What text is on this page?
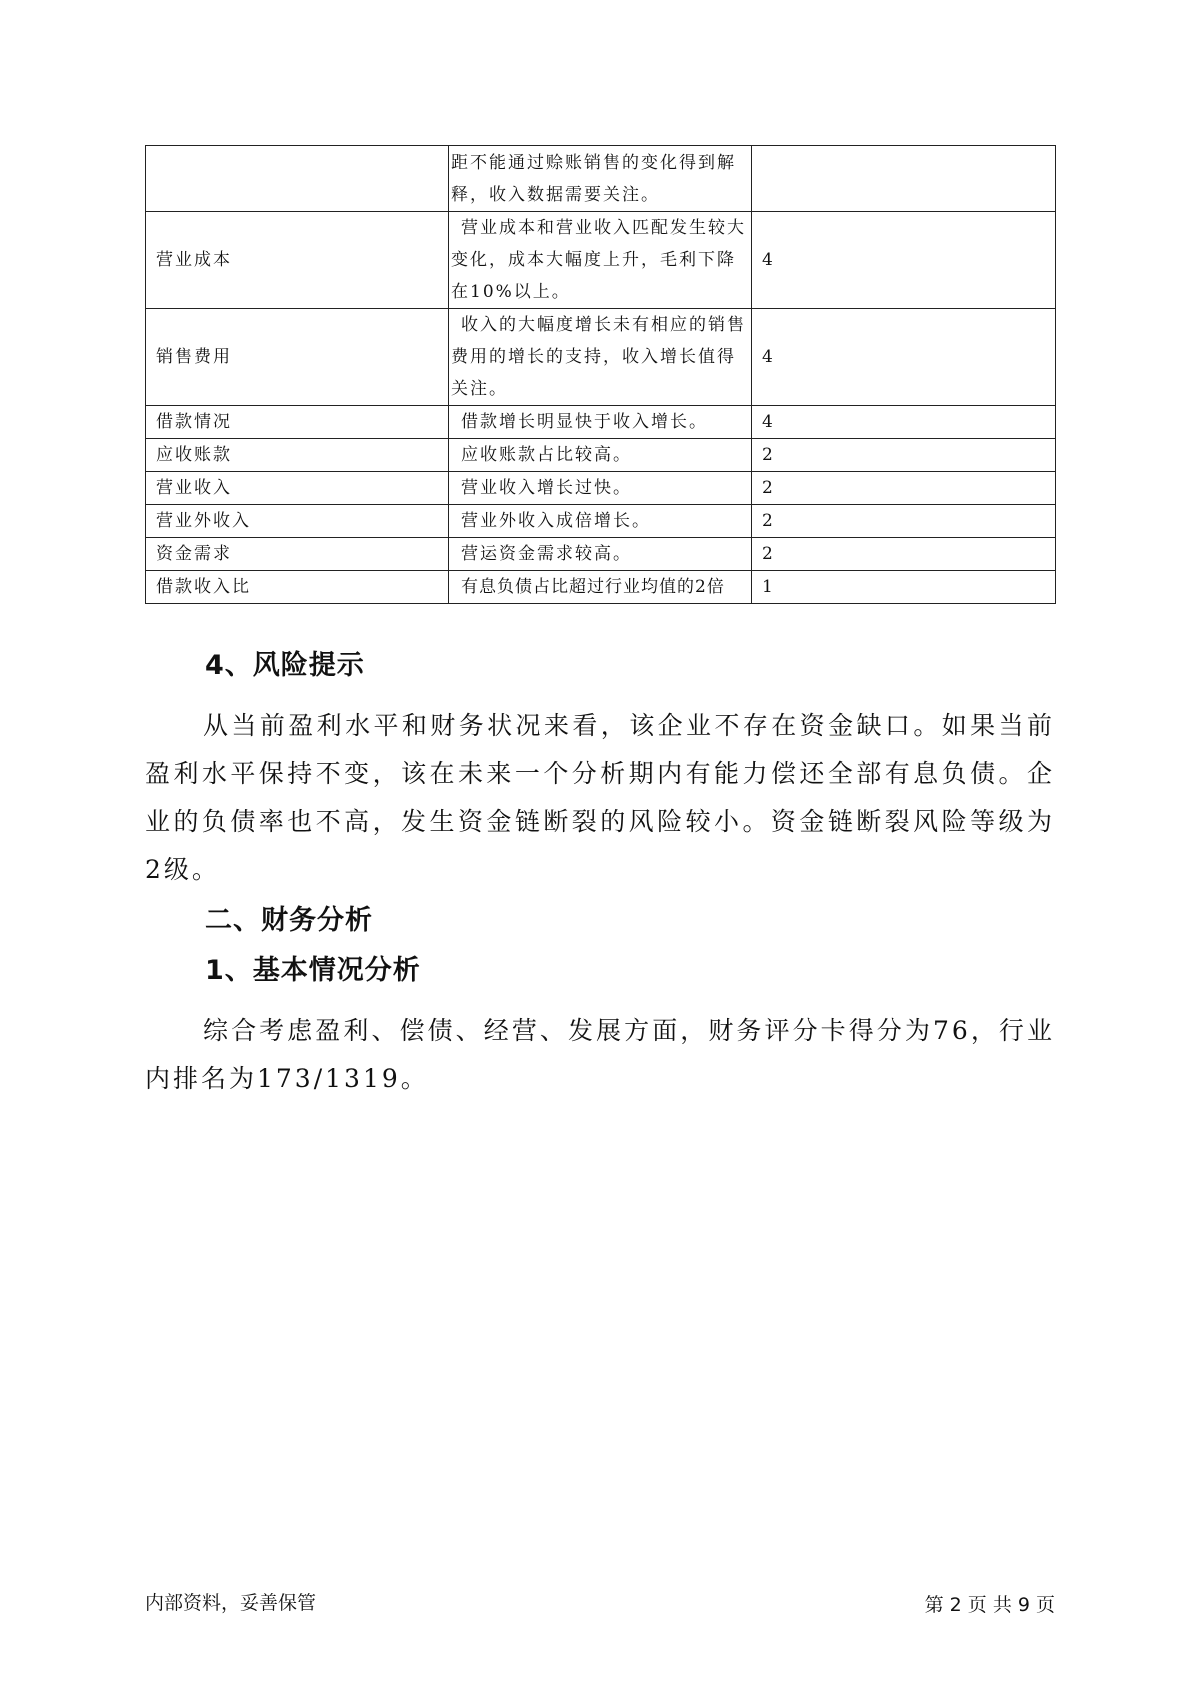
	距不能通过赊账销售的变化得到解释，收入数据需要关注。	
营业成本	营业成本和营业收入匹配发生较大变化，成本大幅度上升，毛利下降在10%以上。	4
销售费用	收入的大幅度增长未有相应的销售费用的增长的支持，收入增长值得关注。	4
借款情况	借款增长明显快于收入增长。	4
应收账款	应收账款占比较高。	2
营业收入	营业收入增长过快。	2
营业外收入	营业外收入成倍增长。	2
资金需求	营运资金需求较高。	2
借款收入比	有息负债占比超过行业均值的2倍	1
4、风险提示
从当前盈利水平和财务状况来看，该企业不存在资金缺口。如果当前盈利水平保持不变，该在未来一个分析期内有能力偿还全部有息负债。企业的负债率也不高，发生资金链断裂的风险较小。资金链断裂风险等级为2级。
二、财务分析
1、基本情况分析
综合考虑盈利、偿债、经营、发展方面，财务评分卡得分为76，行业内排名为173/1319。
内部资料，妥善保管	第 2 页 共 9 页
